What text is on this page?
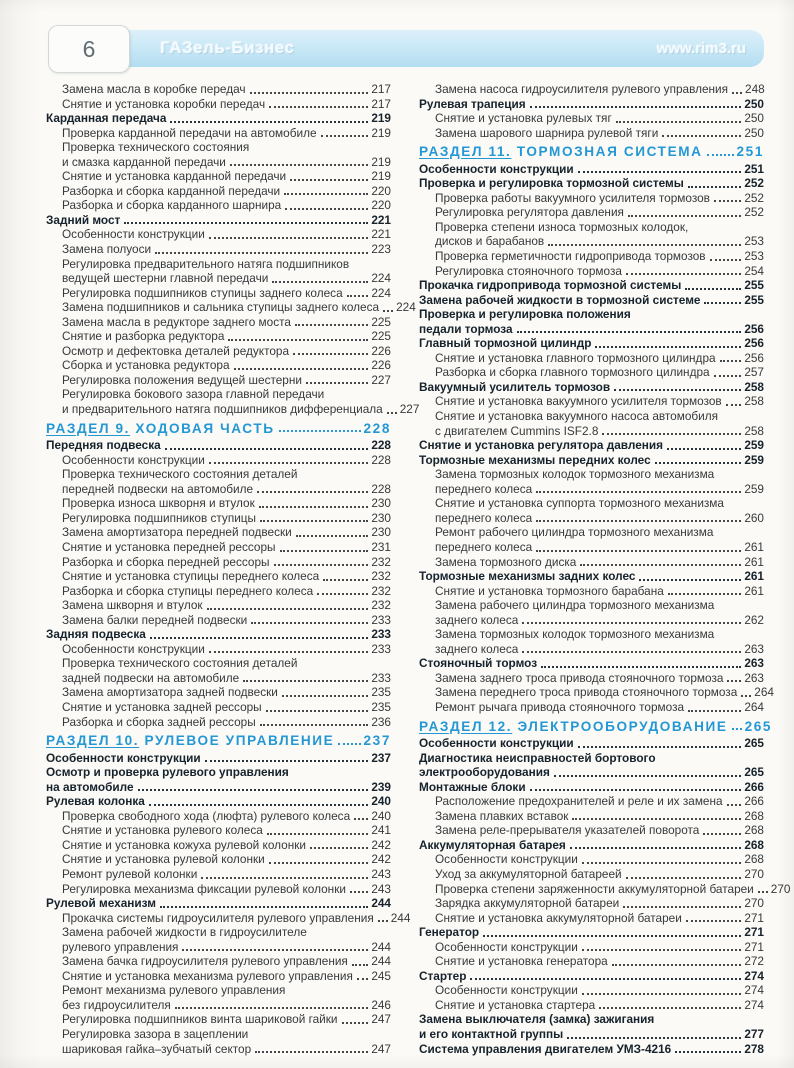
6	ГАЗель-Бизнес	www.rim3.ru
Замена масла в коробке передач	217
Снятие и установка коробки передач	217
Карданная передача	219
Проверка карданной передачи на автомобиле	219
Проверка технического состояния
и смазка карданной передачи	219
Снятие и установка карданной передачи	219
Разборка и сборка карданной передачи	220
Разборка и сборка карданного шарнира	220
Задний мост	221
Особенности конструкции	221
Замена полуоси	223
Регулировка предварительного натяга подшипников
ведущей шестерни главной передачи	224
Регулировка подшипников ступицы заднего колеса 224
Замена подшипников и сальника ступицы заднего колеса 224
Замена масла в редукторе заднего моста	225
Снятие и разборка редуктора	225
Осмотр и дефектовка деталей редуктора	226
Сборка и установка редуктора	226
Регулировка положения ведущей шестерни	227
Регулировка бокового зазора главной передачи
и предварительного натяга подшипников дифференциала 227
РАЗДЕЛ 9. ХОДОВАЯ ЧАСТЬ	228
Передняя подвеска	228
Особенности конструкции	228
Проверка технического состояния деталей
передней подвески на автомобиле	228
Проверка износа шкворня и втулок	230
Регулировка подшипников ступицы	230
Замена амортизатора передней подвески	230
Снятие и установка передней рессоры	231
Разборка и сборка передней рессоры	232
Снятие и установка ступицы переднего колеса	232
Разборка и сборка ступицы переднего колеса	232
Замена шкворня и втулок	232
Замена балки передней подвески	233
Задняя подвеска	233
Особенности конструкции	233
Проверка технического состояния деталей
задней подвески на автомобиле	233
Замена амортизатора задней подвески	235
Снятие и установка задней рессоры	235
Разборка и сборка задней рессоры	236
РАЗДЕЛ 10. РУЛЕВОЕ УПРАВЛЕНИЕ 237
Особенности конструкции	237
Осмотр и проверка рулевого управления
на автомобиле	239
Рулевая колонка	240
Проверка свободного хода (люфта) рулевого колеса 240
Снятие и установка рулевого колеса	241
Снятие и установка кожуха рулевой колонки	242
Снятие и установка рулевой колонки	242
Ремонт рулевой колонки	243
Регулировка механизма фиксации рулевой колонки 243
Рулевой механизм	244
Прокачка системы гидроусилителя рулевого управления 244
Замена рабочей жидкости в гидроусилителе
рулевого управления	244
Замена бачка гидроусилителя рулевого управления 244
Снятие и установка механизма рулевого управления 245
Ремонт механизма рулевого управления
без гидроусилителя	246
Регулировка подшипников винта шариковой гайки	247
Регулировка зазора в зацеплении
шариковая гайка–зубчатый сектор	247
Замена насоса гидроусилителя рулевого управления 248
Рулевая трапеция	250
Снятие и установка рулевых тяг	250
Замена шарового шарнира рулевой тяги	250
РАЗДЕЛ 11. ТОРМОЗНАЯ СИСТЕМА 251
Особенности конструкции	251
Проверка и регулировка тормозной системы	252
Проверка работы вакуумного усилителя тормозов	252
Регулировка регулятора давления	252
Проверка степени износа тормозных колодок,
дисков и барабанов	253
Проверка герметичности гидропривода тормозов	253
Регулировка стояночного тормоза	254
Прокачка гидропривода тормозной системы	255
Замена рабочей жидкости в тормозной системе	255
Проверка и регулировка положения
педали тормоза	256
Главный тормозной цилиндр	256
Снятие и установка главного тормозного цилиндра 256
Разборка и сборка главного тормозного цилиндра	257
Вакуумный усилитель тормозов	258
Снятие и установка вакуумного усилителя тормозов 258
Снятие и установка вакуумного насоса автомобиля
с двигателем Cummins ISF2.8	258
Снятие и установка регулятора давления	259
Тормозные механизмы передних колес	259
Замена тормозных колодок тормозного механизма
переднего колеса	259
Снятие и установка суппорта тормозного механизма
переднего колеса	260
Ремонт рабочего цилиндра тормозного механизма
переднего колеса	261
Замена тормозного диска	261
Тормозные механизмы задних колес	261
Снятие и установка тормозного барабана	261
Замена рабочего цилиндра тормозного механизма
заднего колеса	262
Замена тормозных колодок тормозного механизма
заднего колеса	263
Стояночный тормоз	263
Замена заднего троса привода стояночного тормоза 263
Замена переднего троса привода стояночного тормоза 264
Ремонт рычага привода стояночного тормоза	264
РАЗДЕЛ 12. ЭЛЕКТРООБОРУДОВАНИЕ 265
Особенности конструкции	265
Диагностика неисправностей бортового
электрооборудования	265
Монтажные блоки	266
Расположение предохранителей и реле и их замена 266
Замена плавких вставок	268
Замена реле-прерывателя указателей поворота	268
Аккумуляторная батарея	268
Особенности конструкции	268
Уход за аккумуляторной батареей	270
Проверка степени заряженности аккумуляторной батареи 270
Зарядка аккумуляторной батареи	270
Снятие и установка аккумуляторной батареи	271
Генератор	271
Особенности конструкции	271
Снятие и установка генератора	272
Стартер	274
Особенности конструкции	274
Снятие и установка стартера	274
Замена выключателя (замка) зажигания
и его контактной группы	277
Система управления двигателем УМЗ-4216	278
